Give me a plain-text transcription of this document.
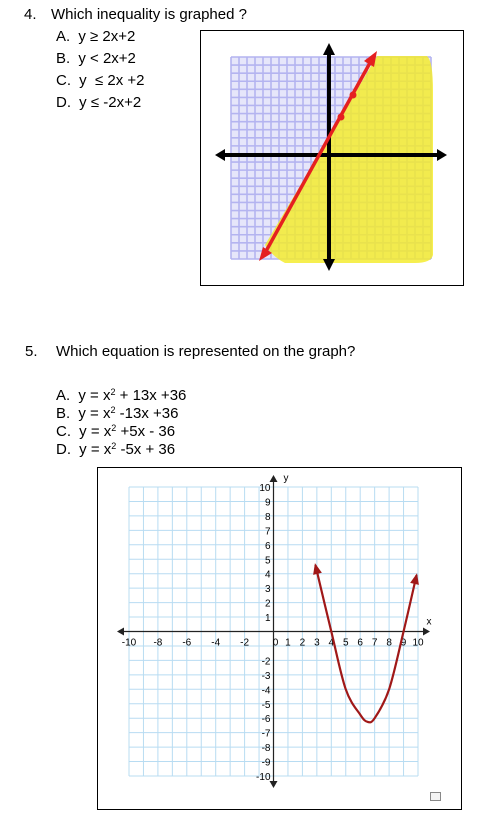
4. Which inequality is graphed ?
A. y ≥ 2x+2
B. y < 2x+2
C. y  ≤ 2x +2
D. y ≤ -2x+2
5. Which equation is represented on the graph?
A. $y = x^2 + 13x +36$
B. $y = x^2$ -13x +36
C. $y = x^2 +5x - 36$
D. $y = x^2$ -5x + 36
x
y
-10 -8 -6 -4 -2 0 1 2 3 4 5 6 7 8 9 10
10
9
8
7
6
5
4
3
2
1
-2
-3
-4
-5
-6
-7
-8
-9
-10
